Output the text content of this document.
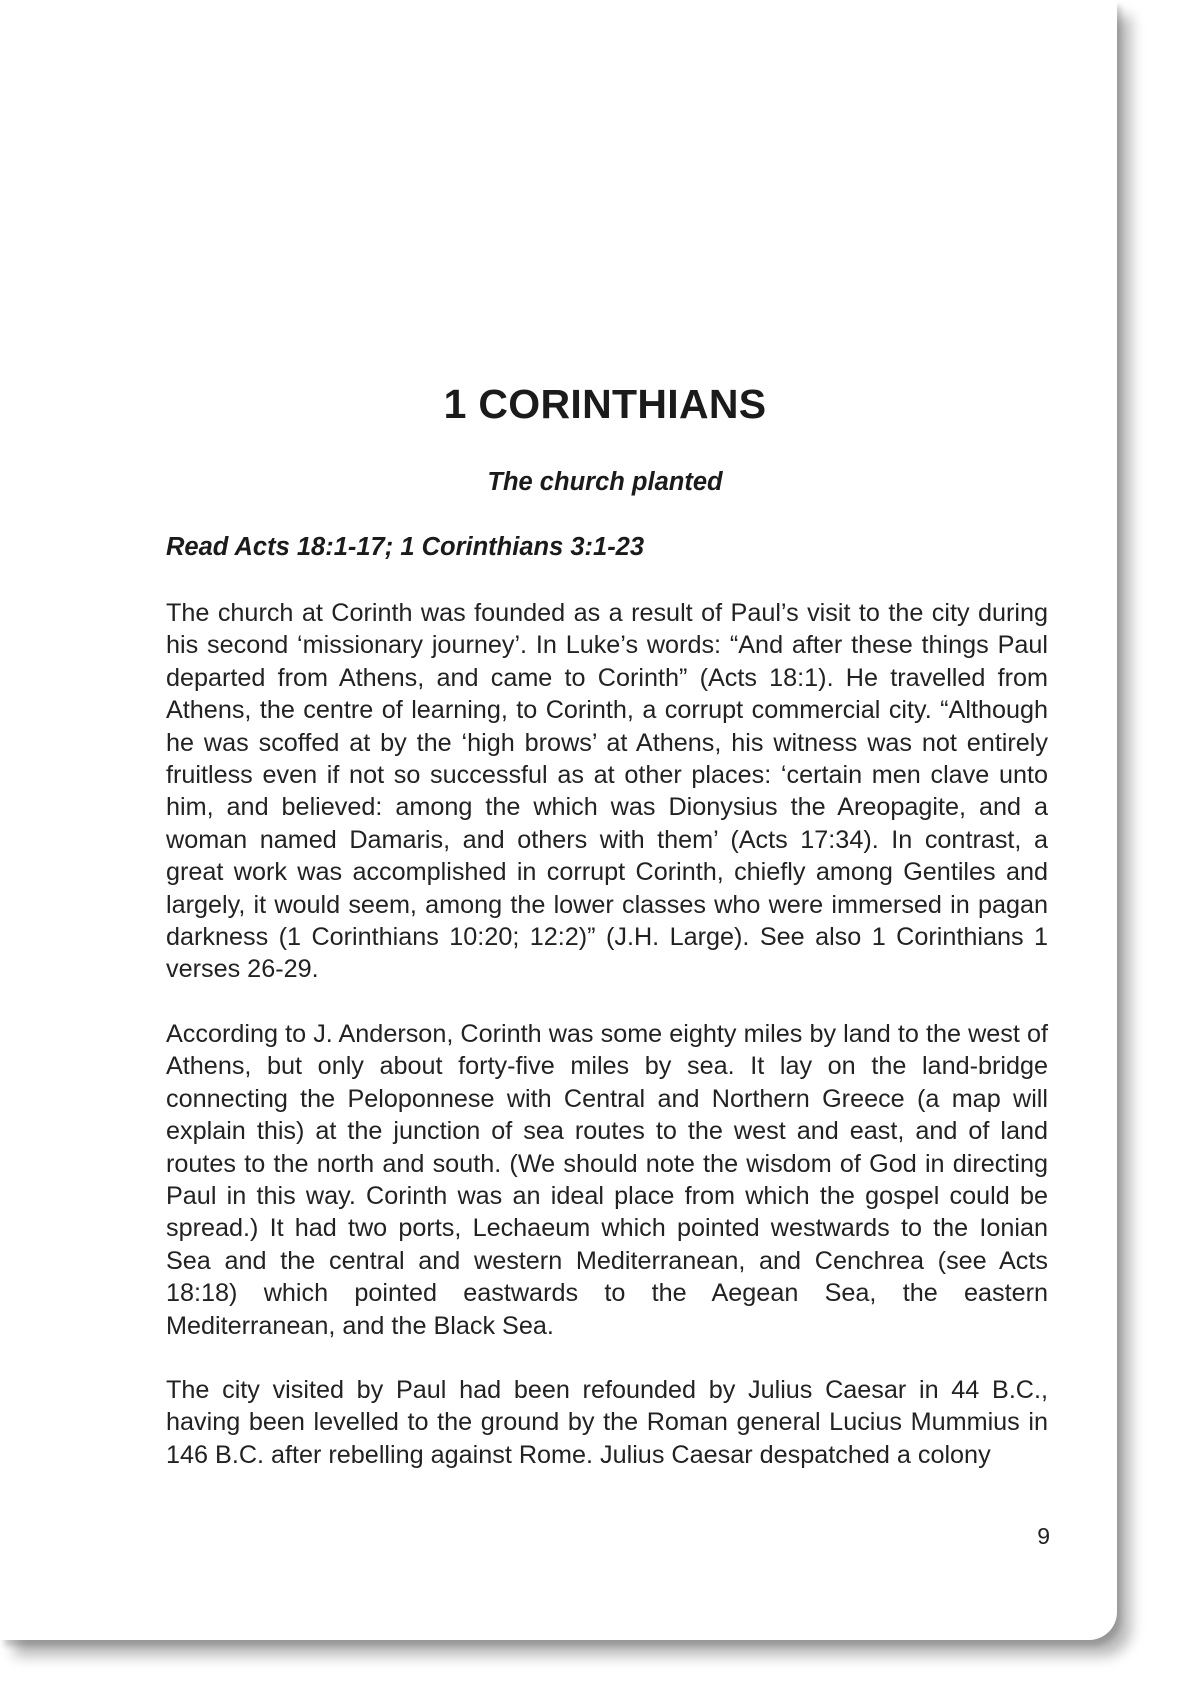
1 CORINTHIANS
The church planted

Read Acts 18:1-17; 1 Corinthians 3:1-23

The church at Corinth was founded as a result of Paul’s visit to the city during his second ‘missionary journey’. In Luke’s words: “And after these things Paul departed from Athens, and came to Corinth” (Acts 18:1). He travelled from Athens, the centre of learning, to Corinth, a corrupt commercial city. “Although he was scoffed at by the ‘high brows’ at Athens, his witness was not entirely fruitless even if not so successful as at other places: ‘certain men clave unto him, and believed: among the which was Dionysius the Areopagite, and a woman named Damaris, and others with them’ (Acts 17:34). In contrast, a great work was accomplished in corrupt Corinth, chiefly among Gentiles and largely, it would seem, among the lower classes who were immersed in pagan darkness (1 Corinthians 10:20; 12:2)” (J.H. Large). See also 1 Corinthians 1 verses 26-29.

According to J. Anderson, Corinth was some eighty miles by land to the west of Athens, but only about forty-five miles by sea. It lay on the land-bridge connecting the Peloponnese with Central and Northern Greece (a map will explain this) at the junction of sea routes to the west and east, and of land routes to the north and south. (We should note the wisdom of God in directing Paul in this way. Corinth was an ideal place from which the gospel could be spread.) It had two ports, Lechaeum which pointed westwards to the Ionian Sea and the central and western Mediterranean, and Cenchrea (see Acts 18:18) which pointed eastwards to the Aegean Sea, the eastern Mediterranean, and the Black Sea.

The city visited by Paul had been refounded by Julius Caesar in 44 B.C., having been levelled to the ground by the Roman general Lucius Mummius in 146 B.C. after rebelling against Rome. Julius Caesar despatched a colony

9
